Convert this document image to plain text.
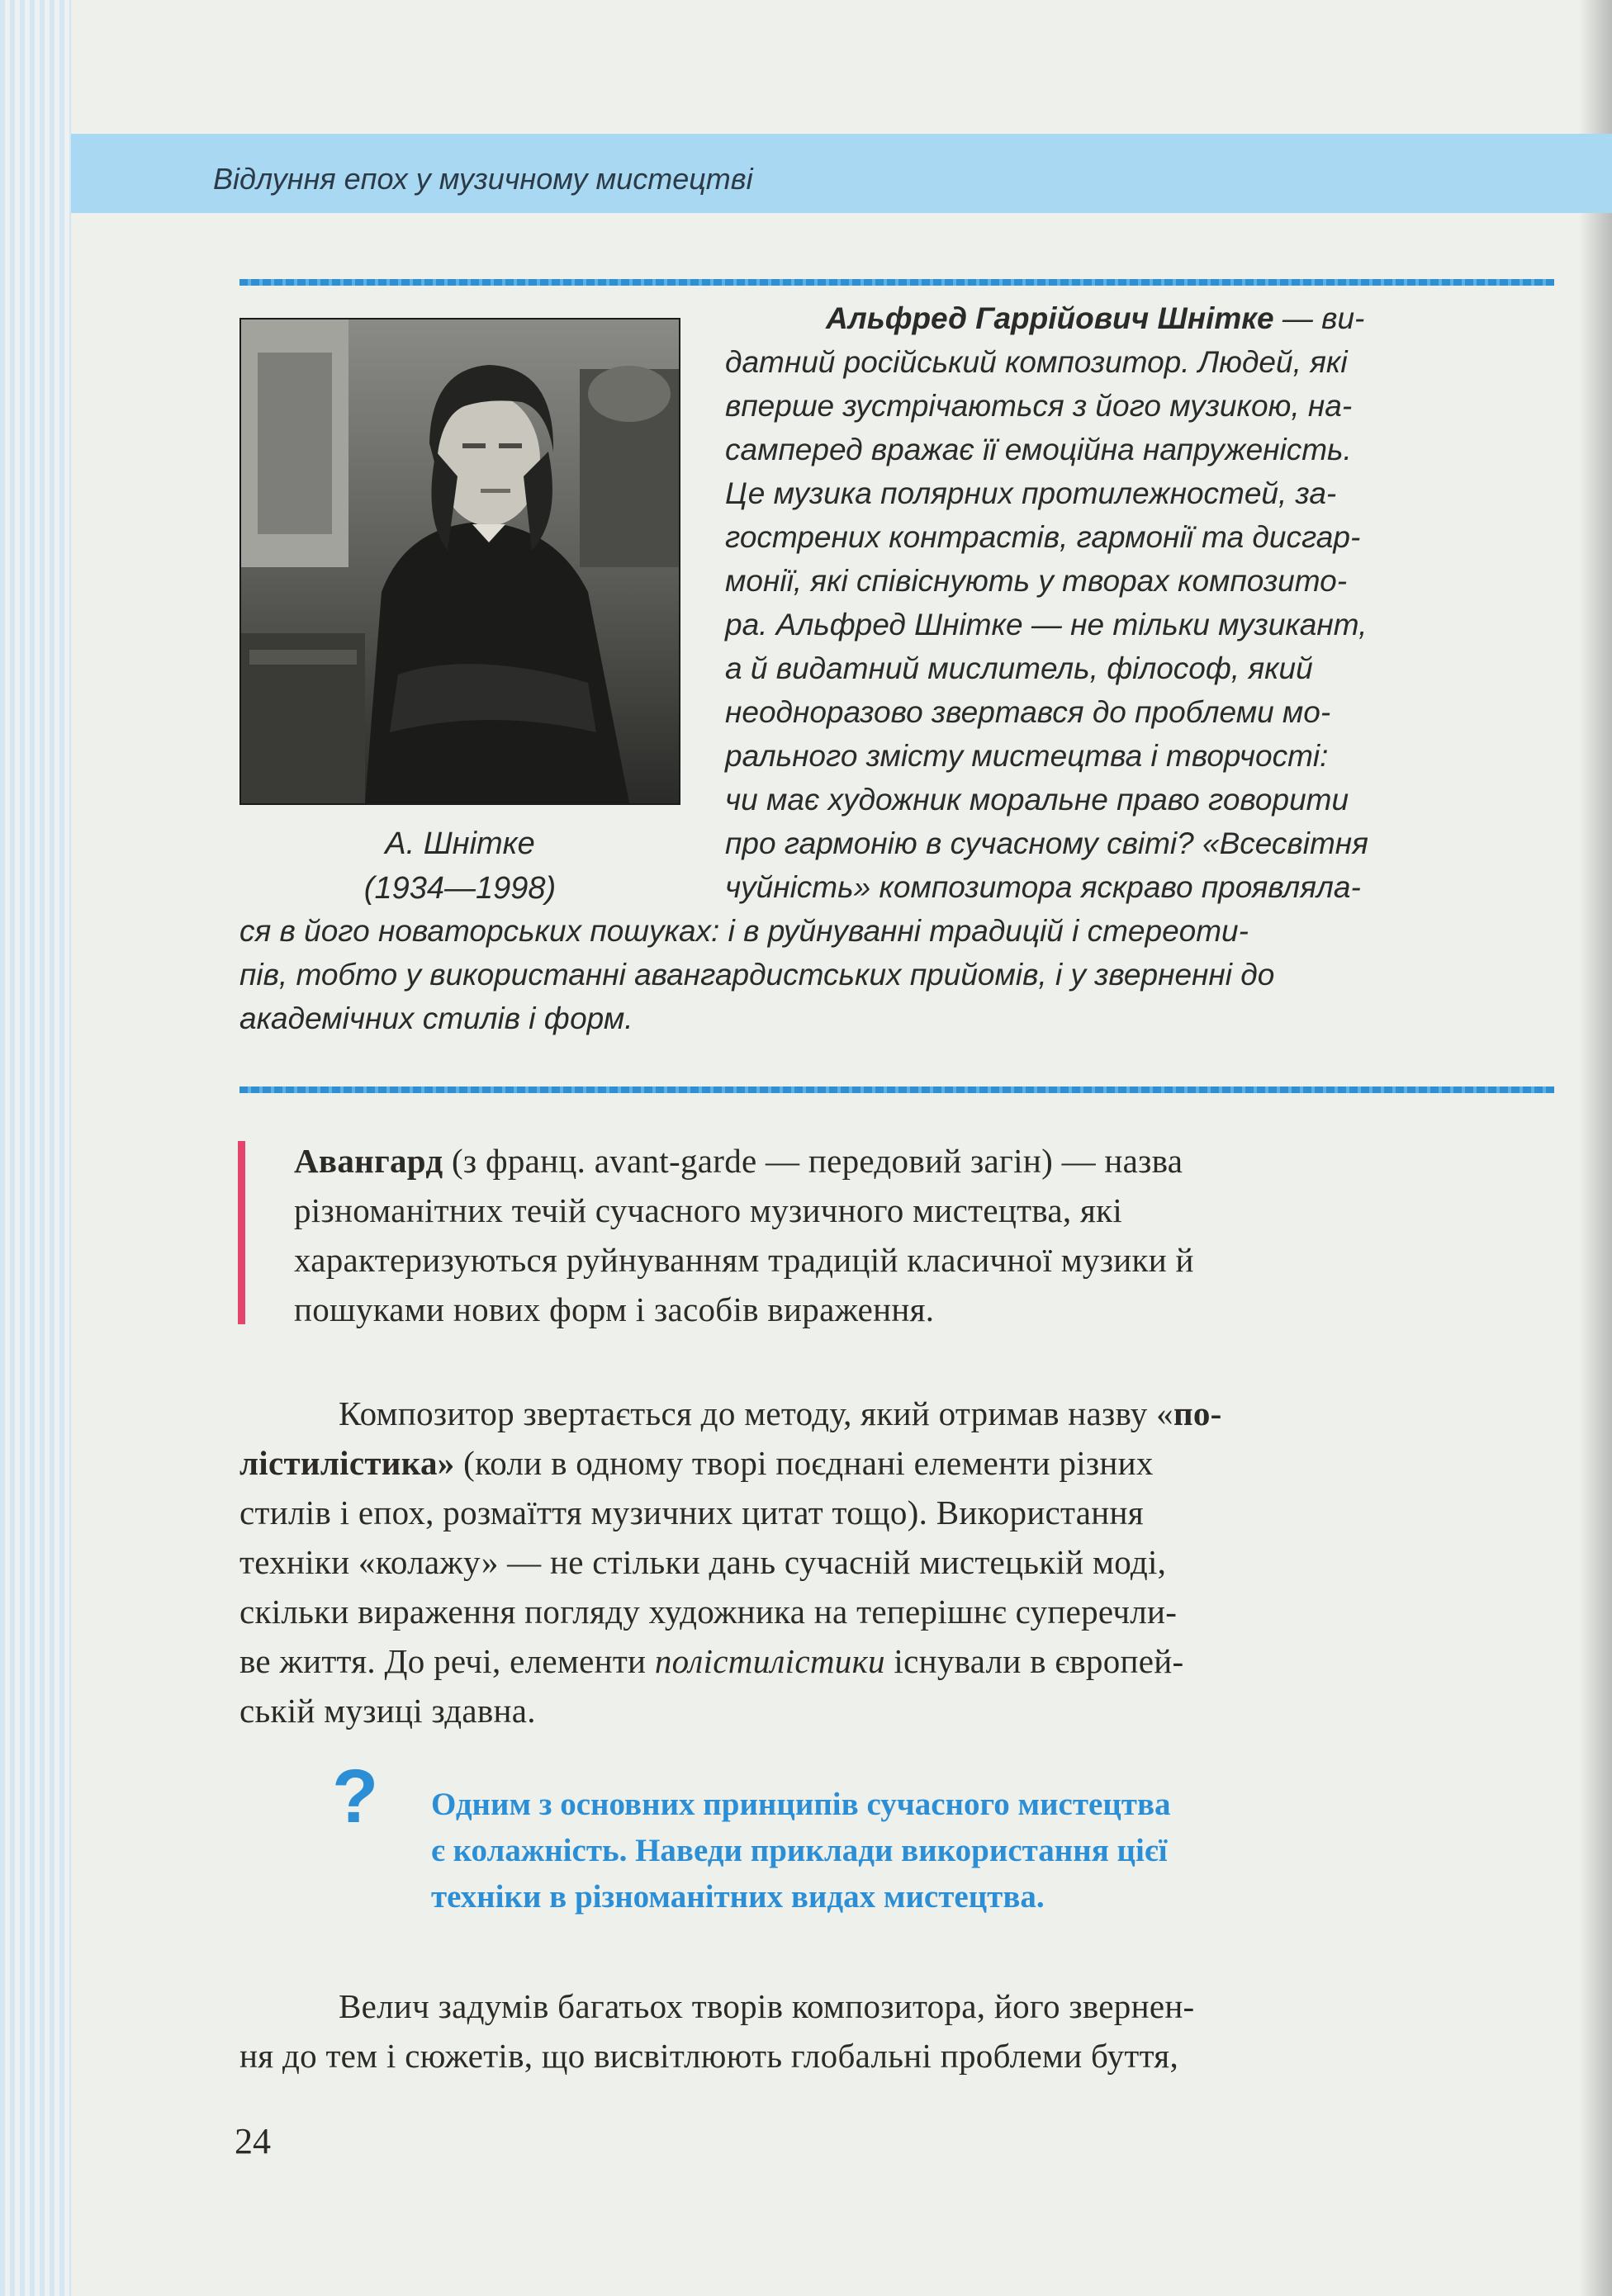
Відлуння епох у музичному мистецтві
А. Шнітке
(1934—1998)
Альфред Гаррійович Шнітке — ви-
датний російський композитор. Людей, які
вперше зустрічаються з його музикою, на-
самперед вражає її емоційна напруженість.
Це музика полярних протилежностей, за-
гострених контрастів, гармонії та дисгар-
монії, які співіснують у творах композито-
ра. Альфред Шнітке — не тільки музикант,
а й видатний мислитель, філософ, який
неодноразово звертався до проблеми мо-
рального змісту мистецтва і творчості:
чи має художник моральне право говорити
про гармонію в сучасному світі? «Всесвітня
чуйність» композитора яскраво проявляла-
ся в його новаторських пошуках: і в руйнуванні традицій і стереоти-
пів, тобто у використанні авангардистських прийомів, і у зверненні до
академічних стилів і форм.
Авангард (з франц. avant-garde — передовий загін) — назва
різноманітних течій сучасного музичного мистецтва, які
характеризуються руйнуванням традицій класичної музики й
пошуками нових форм і засобів вираження.
Композитор звертається до методу, який отримав назву «по-
лістилістика» (коли в одному творі поєднані елементи різних
стилів і епох, розмаїття музичних цитат тощо). Використання
техніки «колажу» — не стільки дань сучасній мистецькій моді,
скільки вираження погляду художника на теперішнє суперечли-
ве життя. До речі, елементи полістилістики існували в європей-
ській музиці здавна.
? Одним з основних принципів сучасного мистецтва
є колажність. Наведи приклади використання цієї
техніки в різноманітних видах мистецтва.
Велич задумів багатьох творів композитора, його звернен-
ня до тем і сюжетів, що висвітлюють глобальні проблеми буття,
24
